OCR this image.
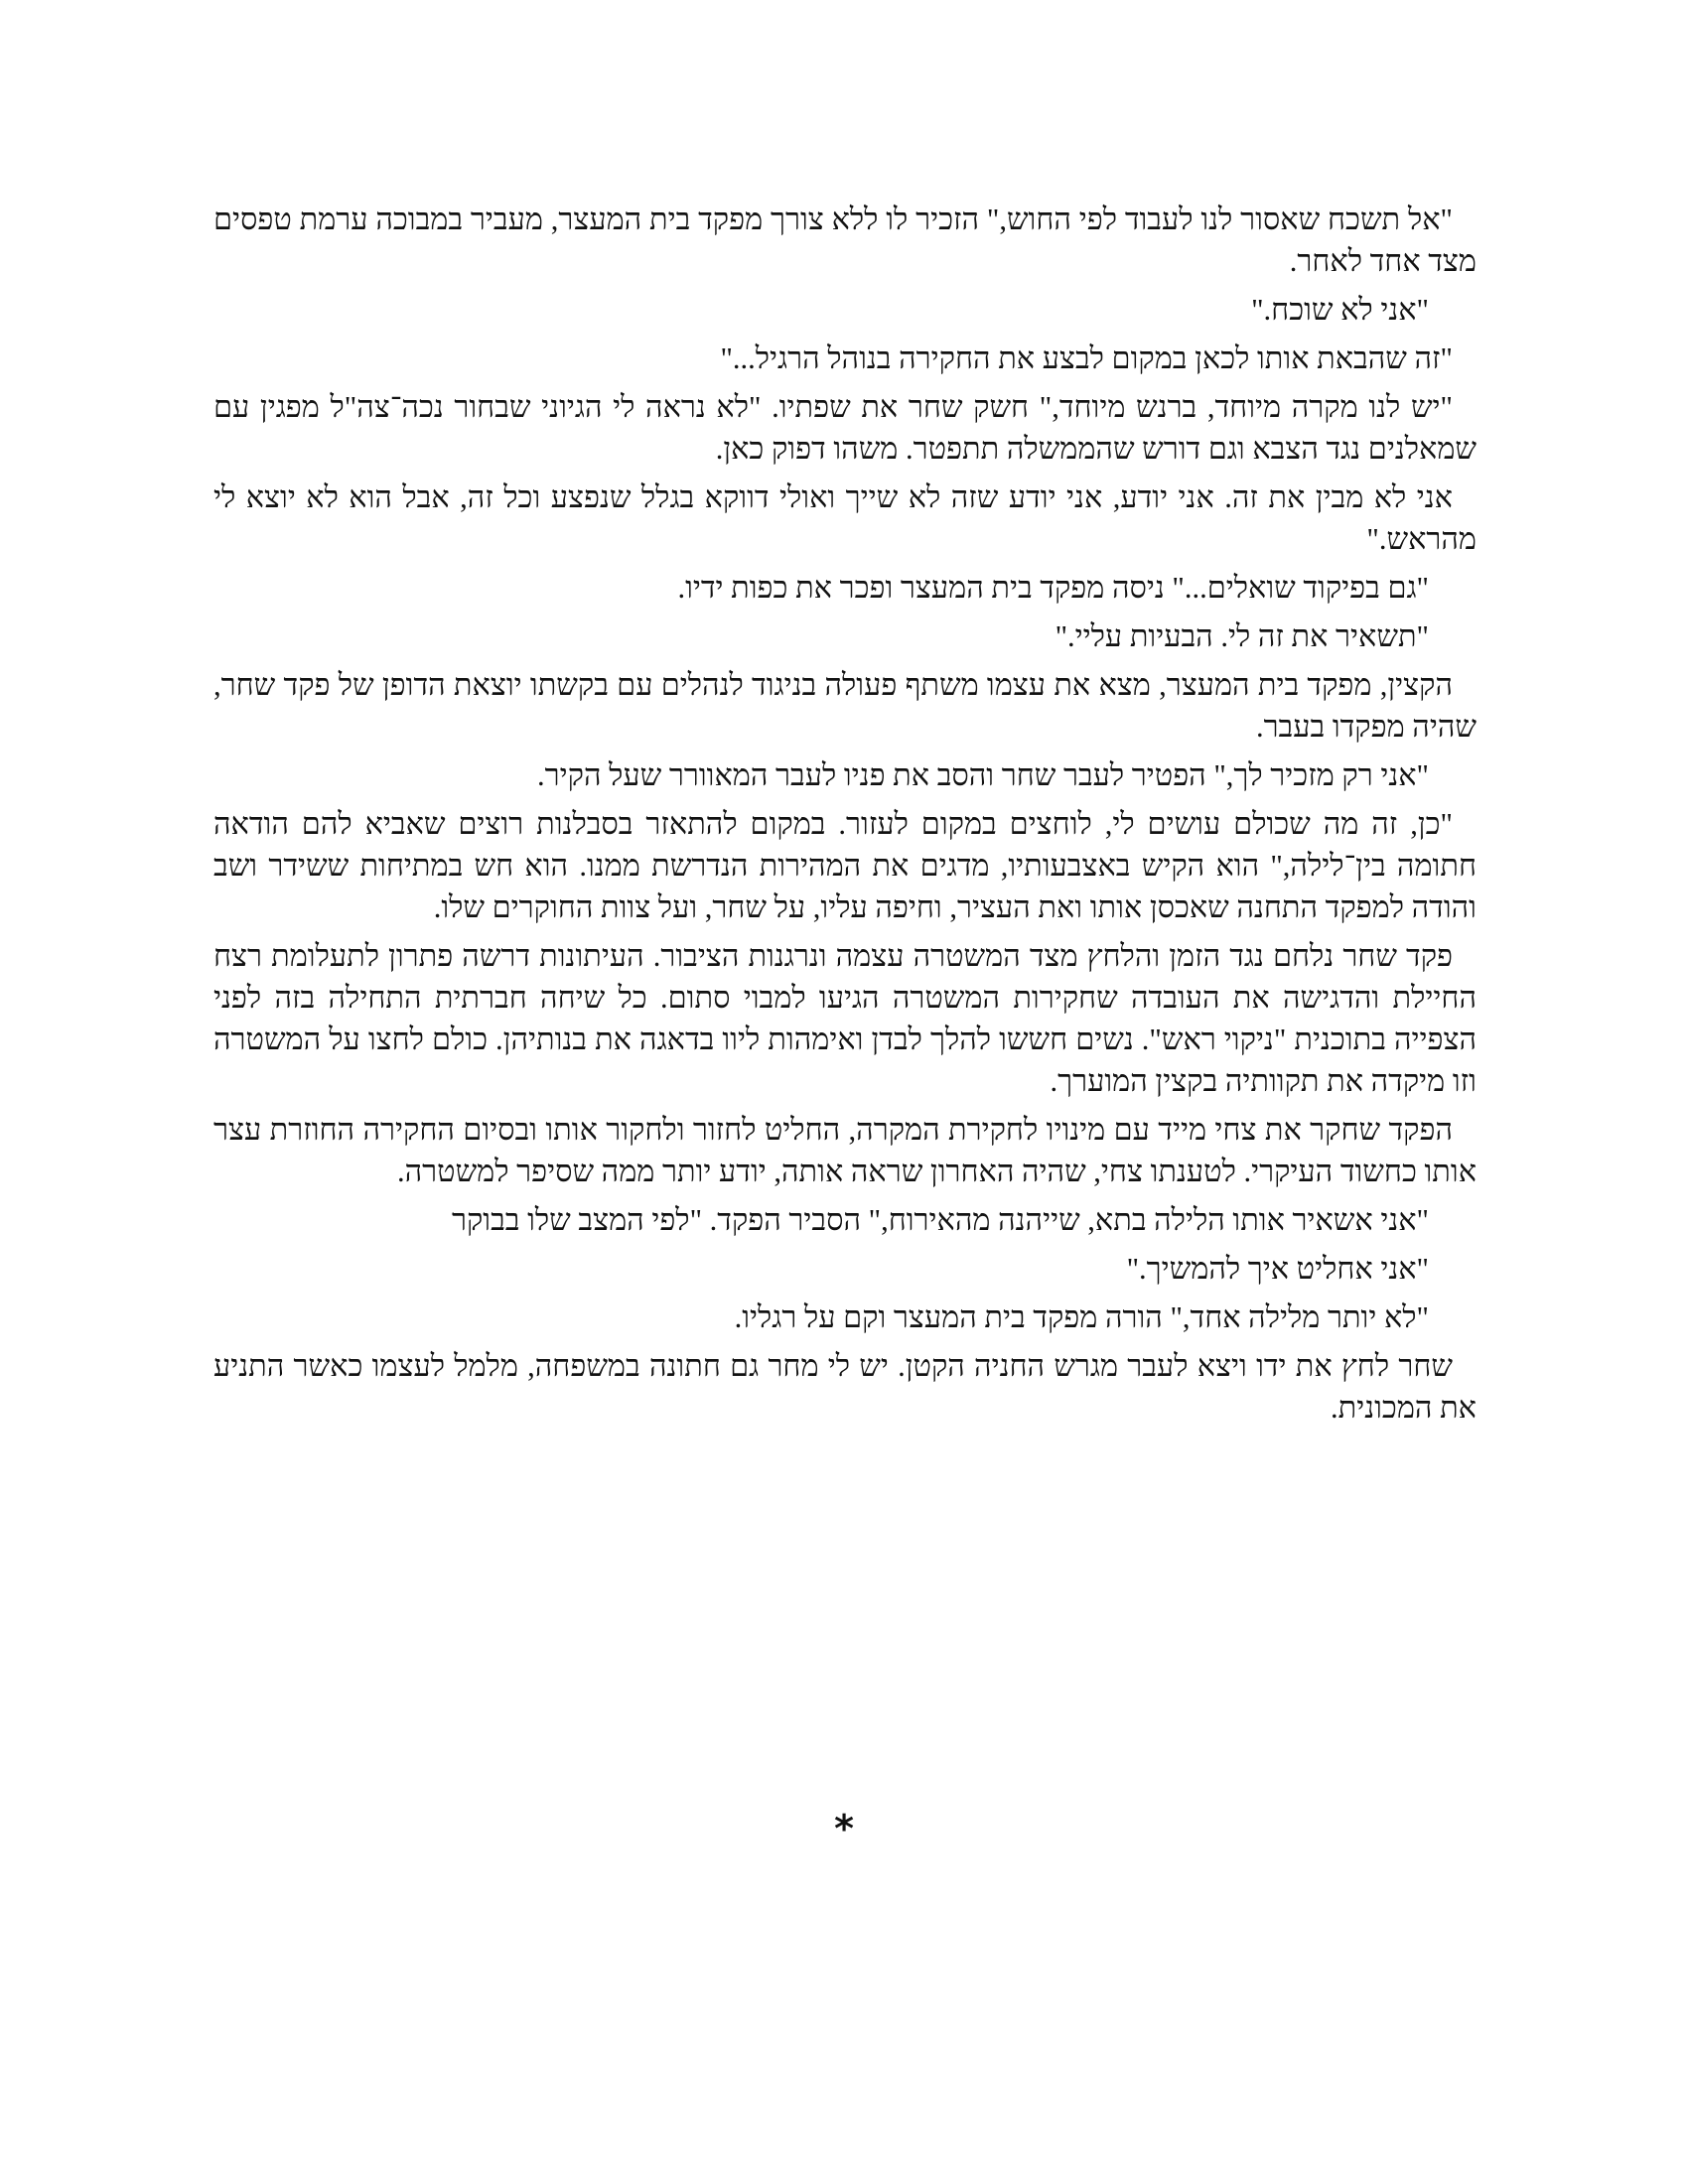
"אל תשכח שאסור לנו לעבוד לפי החוש," הזכיר לו ללא צורך מפקד בית המעצר, מעביר במבוכה ערמת טפסים מצד אחד לאחר.

"אני לא שוכח."

"זה שהבאת אותו לכאן במקום לבצע את החקירה בנוהל הרגיל..."

"יש לנו מקרה מיוחד, ברנש מיוחד," חשק שחר את שפתיו. "לא נראה לי הגיוני שבחור נכה־צה"ל מפגין עם שמאלנים נגד הצבא וגם דורש שהממשלה תתפטר. משהו דפוק כאן.

אני לא מבין את זה. אני יודע, אני יודע שזה לא שייך ואולי דווקא בגלל שנפצע וכל זה, אבל הוא לא יוצא לי מהראש."

"גם בפיקוד שואלים..." ניסה מפקד בית המעצר ופכר את כפות ידיו.

"תשאיר את זה לי. הבעיות עליי."

הקצין, מפקד בית המעצר, מצא את עצמו משתף פעולה בניגוד לנהלים עם בקשתו יוצאת הדופן של פקד שחר, שהיה מפקדו בעבר.

"אני רק מזכיר לך," הפטיר לעבר שחר והסב את פניו לעבר המאוורר שעל הקיר.

"כן, זה מה שכולם עושים לי, לוחצים במקום לעזור. במקום להתאזר בסבלנות רוצים שאביא להם הודאה חתומה בין־לילה," הוא הקיש באצבעותיו, מדגים את המהירות הנדרשת ממנו. הוא חש במתיחות ששידר ושב והודה למפקד התחנה שאכסן אותו ואת העציר, וחיפה עליו, על שחר, ועל צוות החוקרים שלו.

פקד שחר נלחם נגד הזמן והלחץ מצד המשטרה עצמה ונרגנות הציבור. העיתונות דרשה פתרון לתעלומת רצח החיילת והדגישה את העובדה שחקירות המשטרה הגיעו למבוי סתום. כל שיחה חברתית התחילה בזה לפני הצפייה בתוכנית "ניקוי ראש". נשים חששו להלך לבדן ואימהות ליוו בדאגה את בנותיהן. כולם לחצו על המשטרה וזו מיקדה את תקוותיה בקצין המוערך.

הפקד שחקר את צחי מייד עם מינויו לחקירת המקרה, החליט לחזור ולחקור אותו ובסיום החקירה החוזרת עצר אותו כחשוד העיקרי. לטענתו צחי, שהיה האחרון שראה אותה, יודע יותר ממה שסיפר למשטרה.

"אני אשאיר אותו הלילה בתא, שייהנה מהאירוח," הסביר הפקד. "לפי המצב שלו בבוקר

"אני אחליט איך להמשיך."

"לא יותר מלילה אחד," הורה מפקד בית המעצר וקם על רגליו.

שחר לחץ את ידו ויצא לעבר מגרש החניה הקטן. יש לי מחר גם חתונה במשפחה, מלמל לעצמו כאשר התניע את המכונית.

*
